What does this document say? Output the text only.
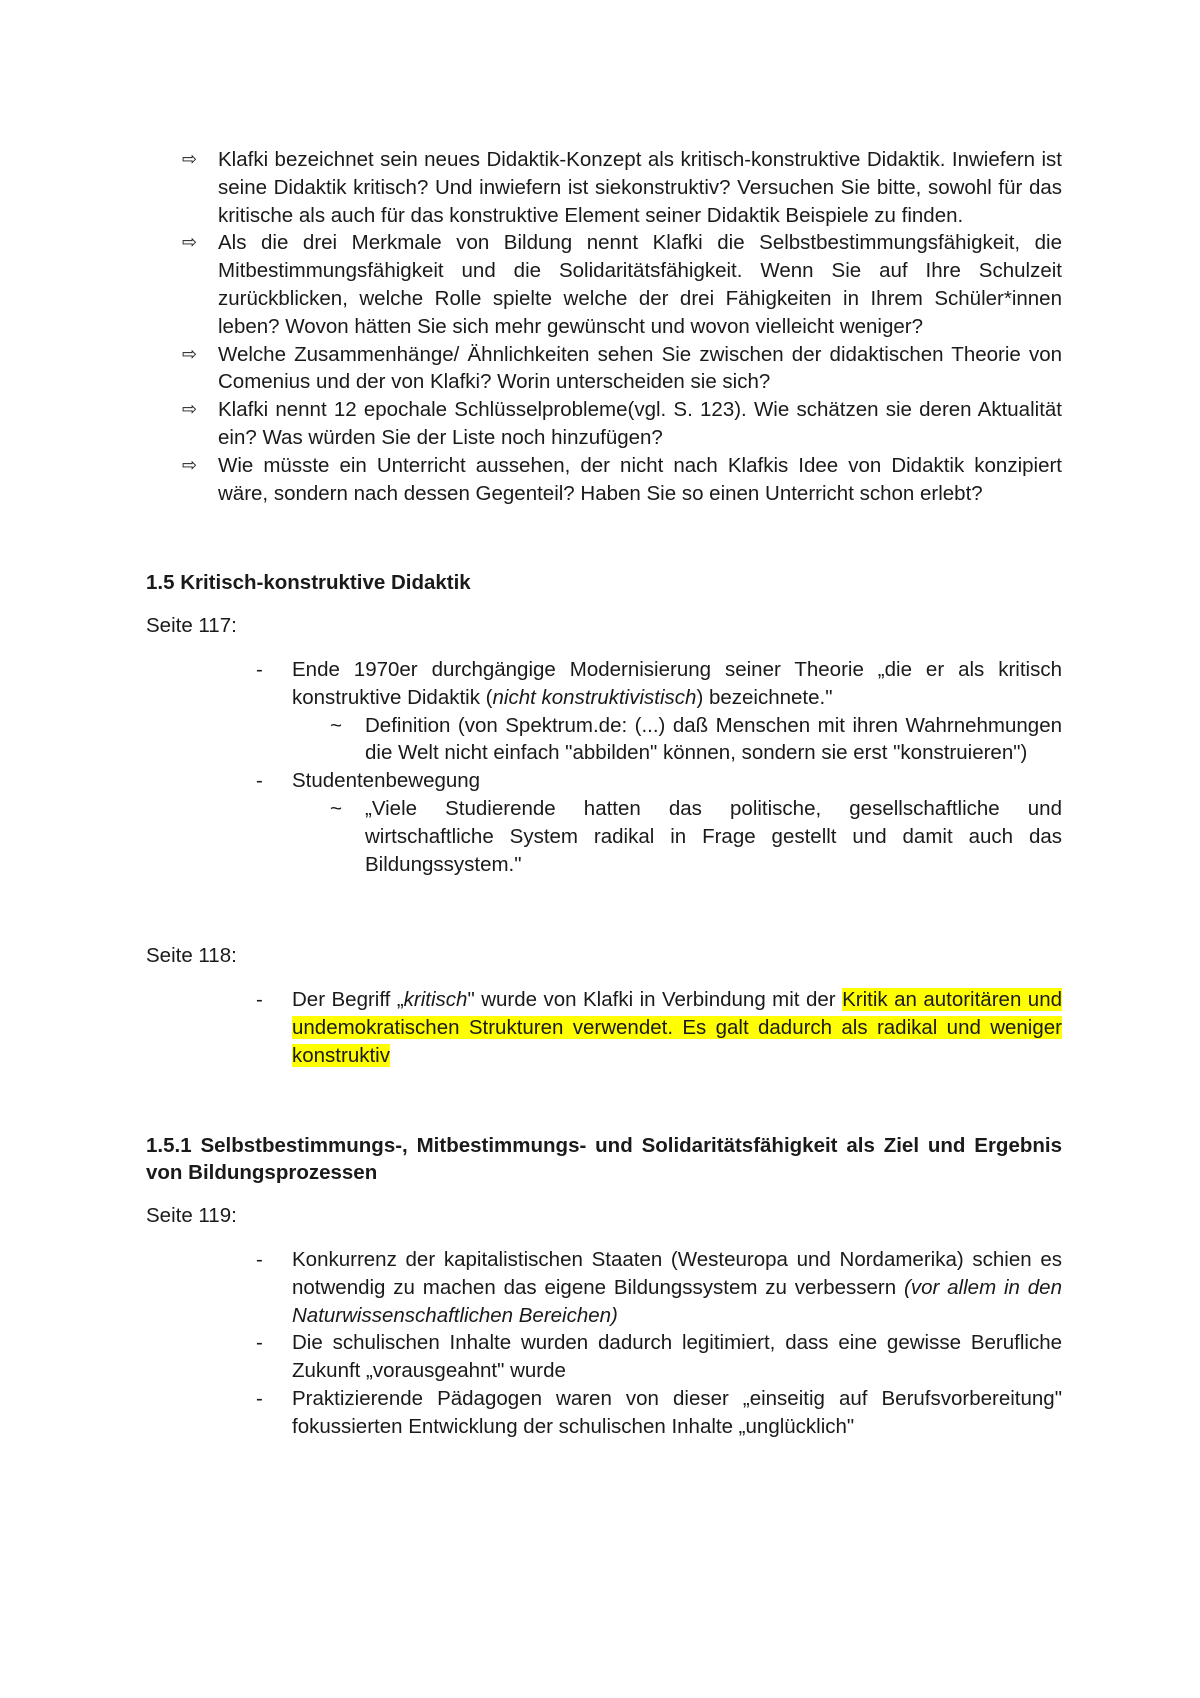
⇨ Klafki bezeichnet sein neues Didaktik-Konzept als kritisch-konstruktive Didaktik. Inwiefern ist seine Didaktik kritisch? Und inwiefern ist siekonstruktiv? Versuchen Sie bitte, sowohl für das kritische als auch für das konstruktive Element seiner Didaktik Beispiele zu finden.
⇨ Als die drei Merkmale von Bildung nennt Klafki die Selbstbestimmungsfähigkeit, die Mitbestimmungsfähigkeit und die Solidaritätsfähigkeit. Wenn Sie auf Ihre Schulzeit zurückblicken, welche Rolle spielte welche der drei Fähigkeiten in Ihrem Schüler*innen leben? Wovon hätten Sie sich mehr gewünscht und wovon vielleicht weniger?
⇨ Welche Zusammenhänge/ Ähnlichkeiten sehen Sie zwischen der didaktischen Theorie von Comenius und der von Klafki? Worin unterscheiden sie sich?
⇨ Klafki nennt 12 epochale Schlüsselprobleme(vgl. S. 123). Wie schätzen sie deren Aktualität ein? Was würden Sie der Liste noch hinzufügen?
⇨ Wie müsste ein Unterricht aussehen, der nicht nach Klafkis Idee von Didaktik konzipiert wäre, sondern nach dessen Gegenteil? Haben Sie so einen Unterricht schon erlebt?
1.5 Kritisch-konstruktive Didaktik

Seite 117:

- Ende 1970er durchgängige Modernisierung seiner Theorie „die er als kritisch konstruktive Didaktik (nicht konstruktivistisch) bezeichnete."
~ Definition (von Spektrum.de: (...) daß Menschen mit ihren Wahrnehmungen die Welt nicht einfach "abbilden" können, sondern sie erst "konstruieren")
- Studentenbewegung
~ „Viele Studierende hatten das politische, gesellschaftliche und wirtschaftliche System radikal in Frage gestellt und damit auch das Bildungssystem."

Seite 118:

- Der Begriff „kritisch" wurde von Klafki in Verbindung mit der Kritik an autoritären und undemokratischen Strukturen verwendet. Es galt dadurch als radikal und weniger konstruktiv
1.5.1 Selbstbestimmungs-, Mitbestimmungs- und Solidaritätsfähigkeit als Ziel und Ergebnis von Bildungsprozessen

Seite 119:

- Konkurrenz der kapitalistischen Staaten (Westeuropa und Nordamerika) schien es notwendig zu machen das eigene Bildungssystem zu verbessern (vor allem in den Naturwissenschaftlichen Bereichen)
- Die schulischen Inhalte wurden dadurch legitimiert, dass eine gewisse Berufliche Zukunft „vorausgeahnt" wurde
- Praktizierende Pädagogen waren von dieser „einseitig auf Berufsvorbereitung" fokussierten Entwicklung der schulischen Inhalte „unglücklich"
